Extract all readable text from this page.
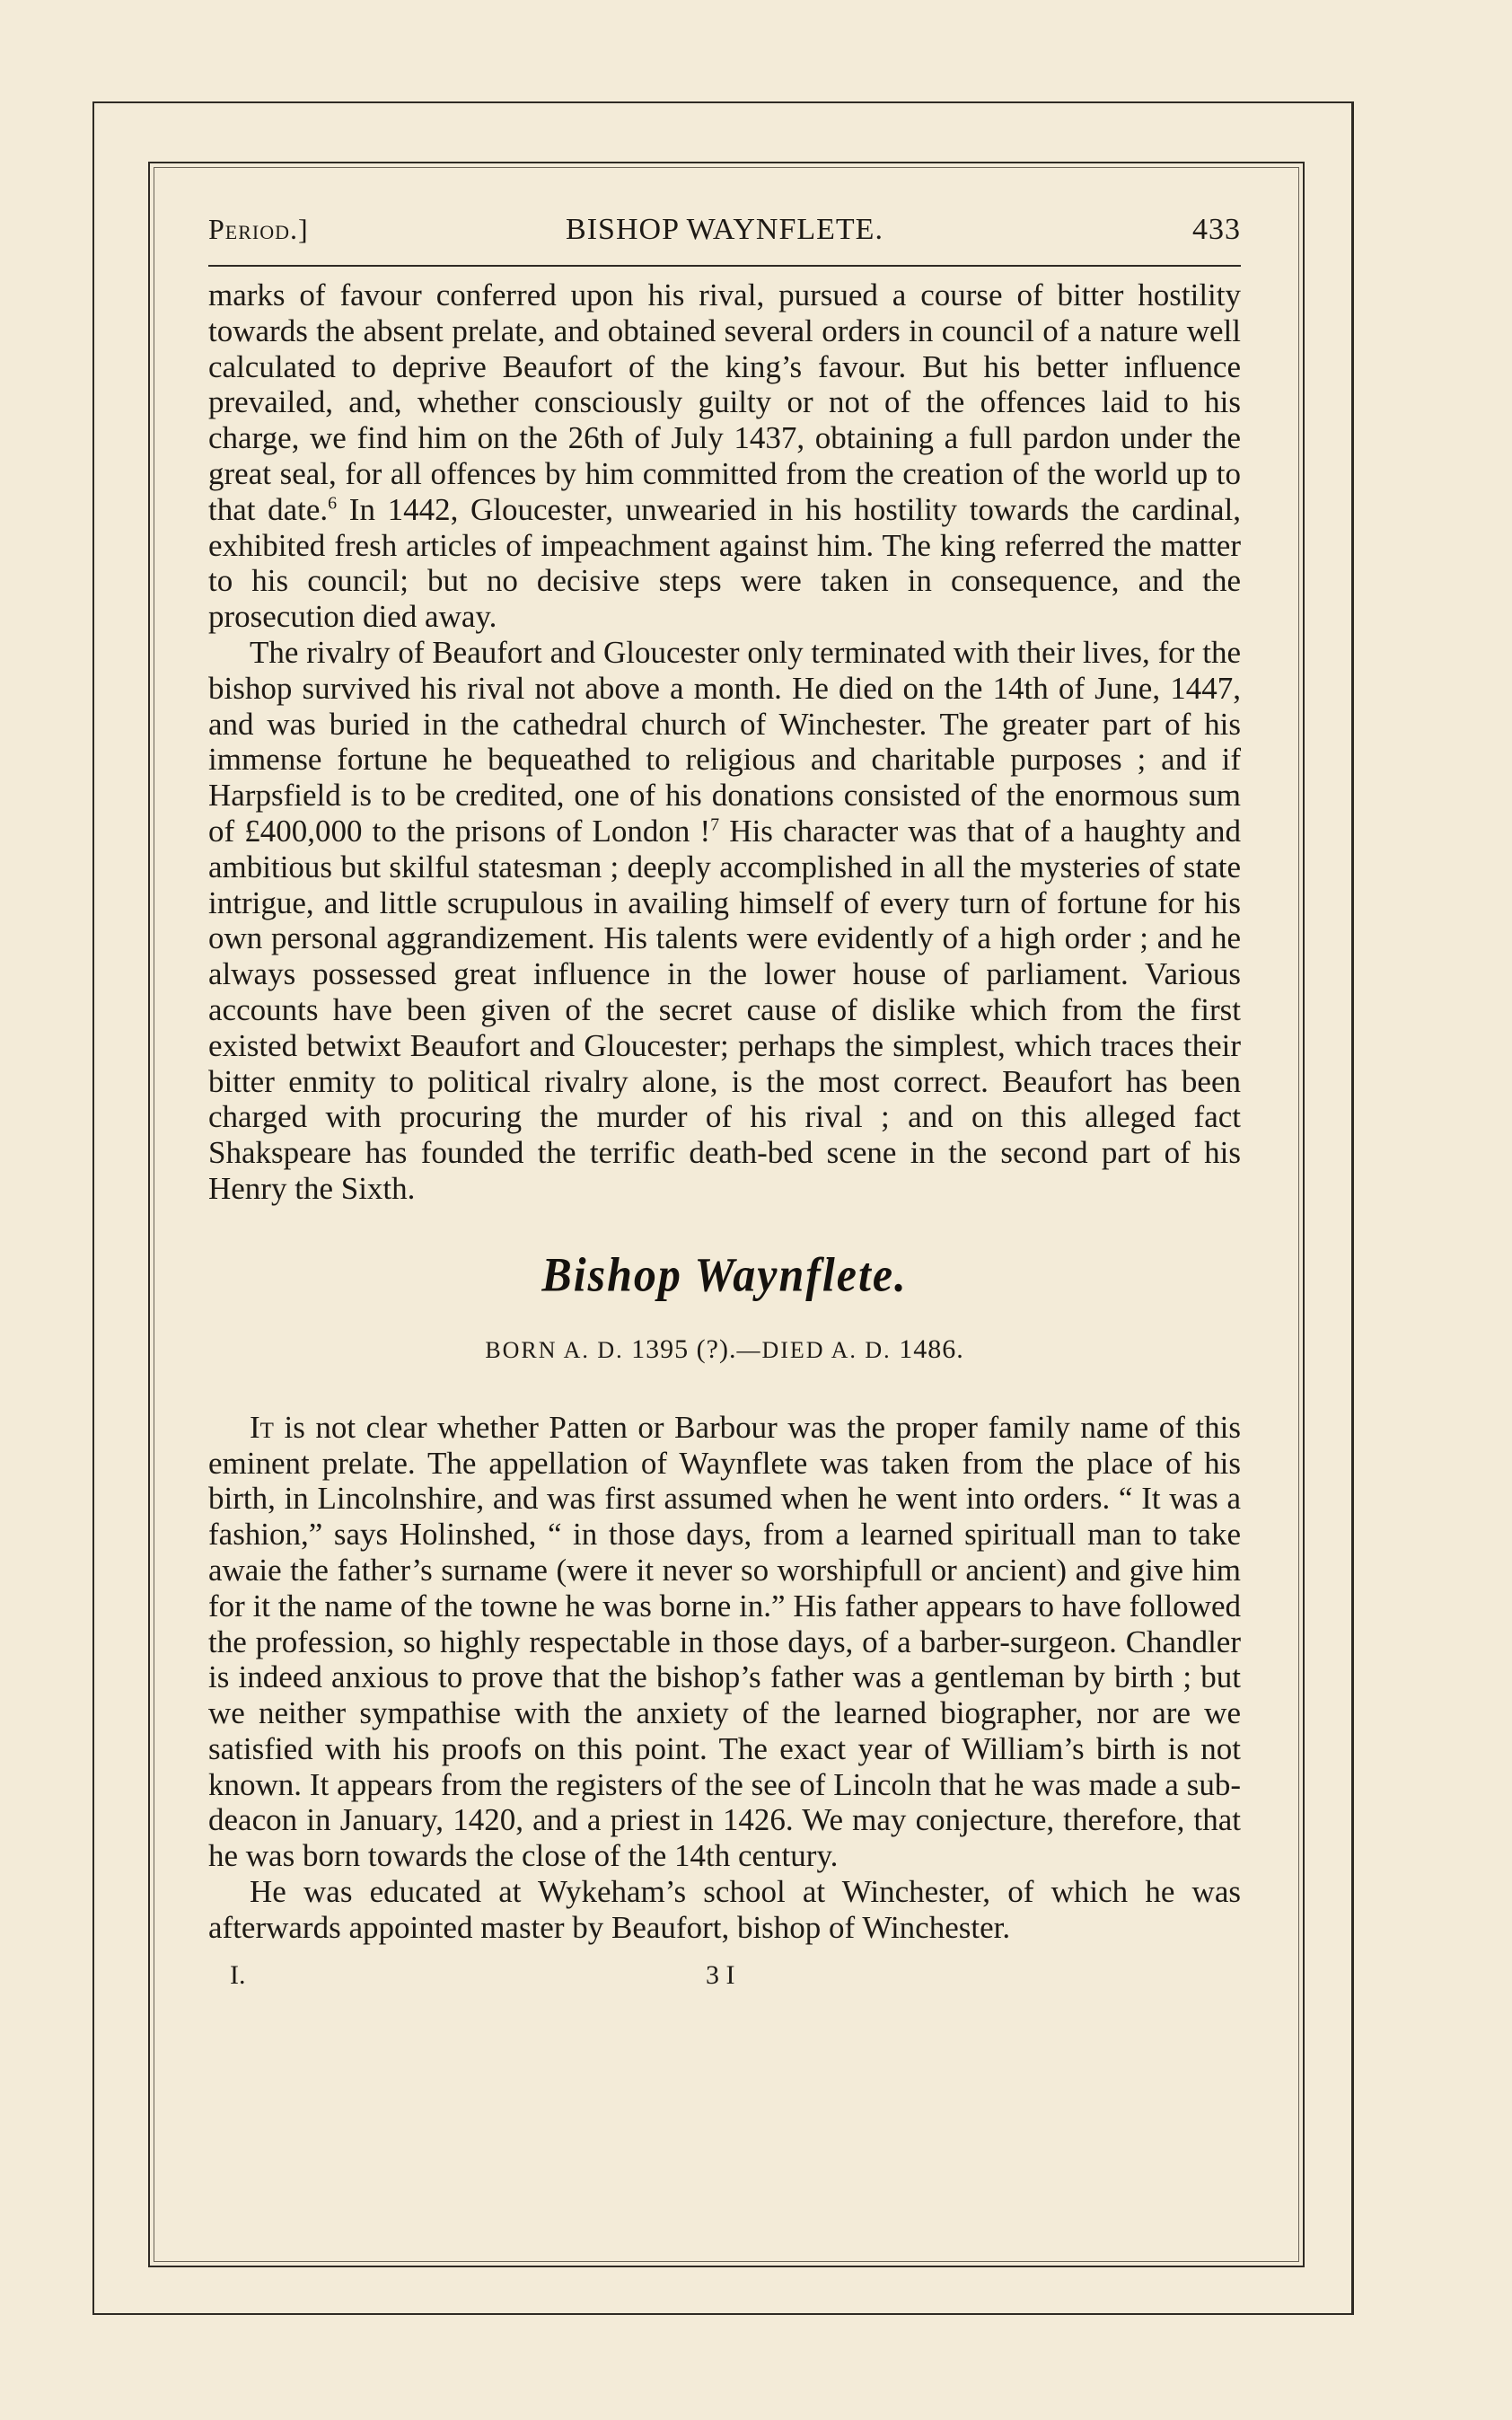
Period.]	BISHOP WAYNFLETE.	433

marks of favour conferred upon his rival, pursued a course of bitter hostility towards the absent prelate, and obtained several orders in council of a nature well calculated to deprive Beaufort of the king’s favour. But his better influence prevailed, and, whether consciously guilty or not of the offences laid to his charge, we find him on the 26th of July 1437, obtaining a full pardon under the great seal, for all offences by him committed from the creation of the world up to that date.$^6$ In 1442, Gloucester, unwearied in his hostility towards the cardinal, exhibited fresh articles of impeachment against him. The king referred the matter to his council; but no decisive steps were taken in consequence, and the prosecution died away.

The rivalry of Beaufort and Gloucester only terminated with their lives, for the bishop survived his rival not above a month. He died on the 14th of June, 1447, and was buried in the cathedral church of Winchester. The greater part of his immense fortune he bequeathed to religious and charitable purposes ; and if Harpsfield is to be credited, one of his donations consisted of the enormous sum of £400,000 to the prisons of London !$^7$ His character was that of a haughty and ambitious but skilful statesman ; deeply accomplished in all the mysteries of state intrigue, and little scrupulous in availing himself of every turn of fortune for his own personal aggrandizement. His talents were evidently of a high order ; and he always possessed great influence in the lower house of parliament. Various accounts have been given of the secret cause of dislike which from the first existed betwixt Beaufort and Gloucester; perhaps the simplest, which traces their bitter enmity to political rivalry alone, is the most correct. Beaufort has been charged with procuring the murder of his rival ; and on this alleged fact Shakspeare has founded the terrific death-bed scene in the second part of his Henry the Sixth.

Bishop Waynflete.
BORN A. D. 1395 (?).—DIED A. D. 1486.

It is not clear whether Patten or Barbour was the proper family name of this eminent prelate. The appellation of Waynflete was taken from the place of his birth, in Lincolnshire, and was first assumed when he went into orders. “ It was a fashion,” says Holinshed, “ in those days, from a learned spirituall man to take awaie the father’s surname (were it never so worshipfull or ancient) and give him for it the name of the towne he was borne in.” His father appears to have followed the profession, so highly respectable in those days, of a barber-surgeon. Chandler is indeed anxious to prove that the bishop’s father was a gentleman by birth ; but we neither sympathise with the anxiety of the learned biographer, nor are we satisfied with his proofs on this point. The exact year of William’s birth is not known. It appears from the registers of the see of Lincoln that he was made a sub-deacon in January, 1420, and a priest in 1426. We may conjecture, therefore, that he was born towards the close of the 14th century.

He was educated at Wykeham’s school at Winchester, of which he was afterwards appointed master by Beaufort, bishop of Winchester.

I.	3 I
